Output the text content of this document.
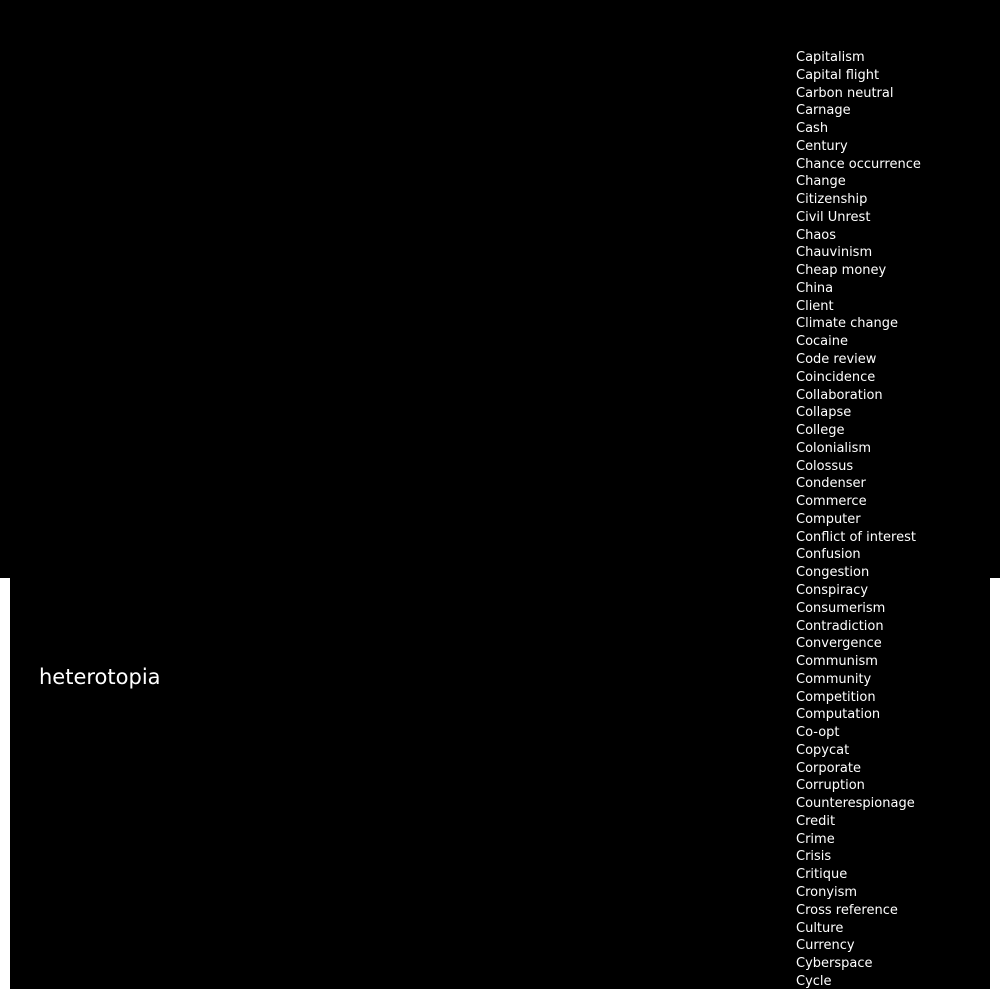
heterotopia
Capitalism
Capital flight
Carbon neutral
Carnage
Cash
Century
Chance occurrence
Change
Citizenship
Civil Unrest
Chaos
Chauvinism
Cheap money
China
Client
Climate change
Cocaine
Code review
Coincidence
Collaboration
Collapse
College
Colonialism
Colossus
Condenser
Commerce
Computer
Conflict of interest
Confusion
Congestion
Conspiracy
Consumerism
Contradiction
Convergence
Communism
Community
Competition
Computation
Co-opt
Copycat
Corporate
Corruption
Counterespionage
Credit
Crime
Crisis
Critique
Cronyism
Cross reference
Culture
Currency
Cyberspace
Cycle
